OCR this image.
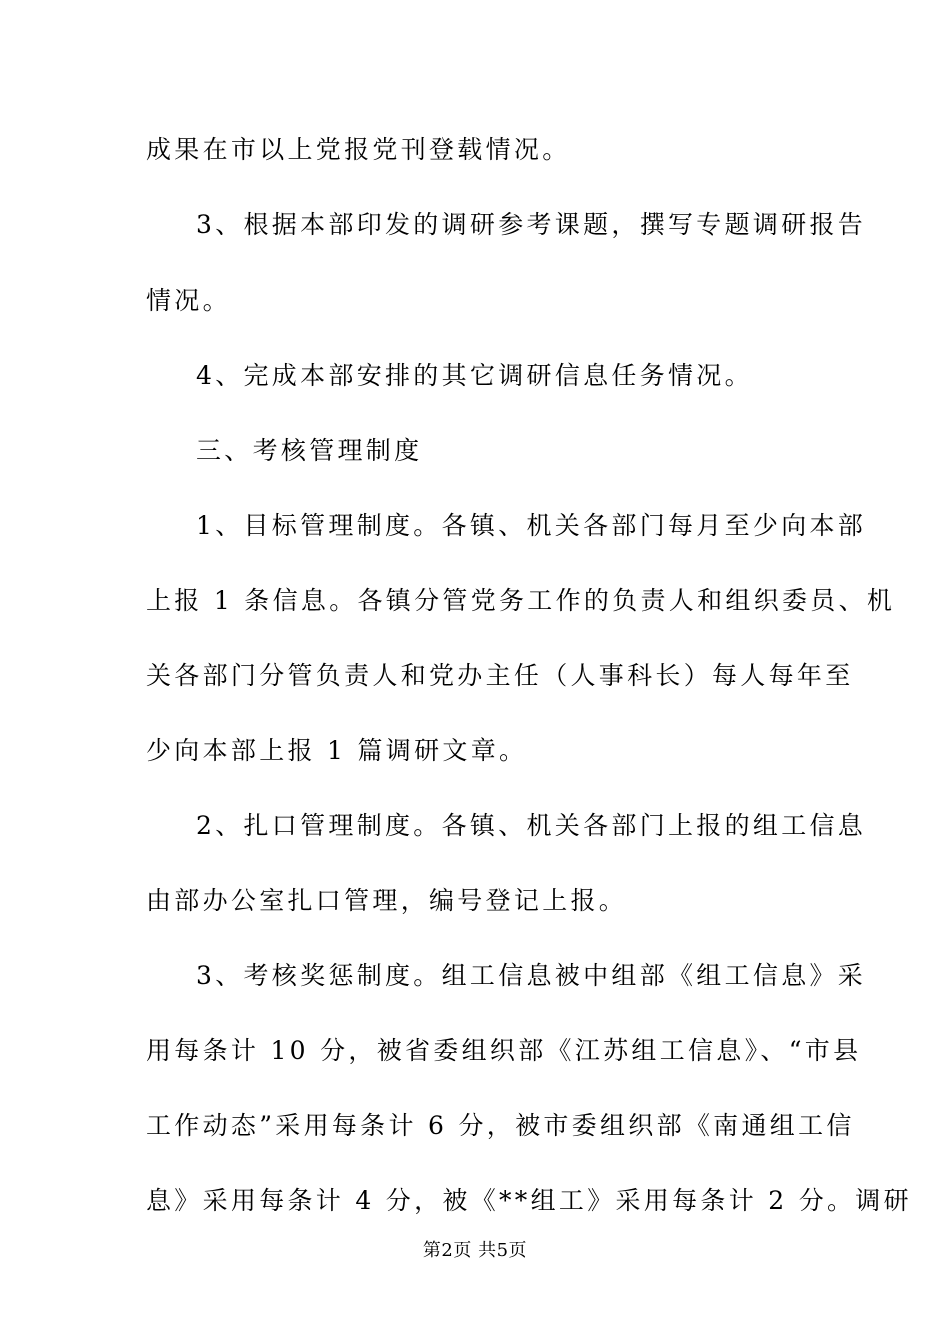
成果在市以上党报党刊登载情况。
3、根据本部印发的调研参考课题，撰写专题调研报告
情况。
4、完成本部安排的其它调研信息任务情况。
三、考核管理制度
1、目标管理制度。各镇、机关各部门每月至少向本部
上报 1 条信息。各镇分管党务工作的负责人和组织委员、机
关各部门分管负责人和党办主任（人事科长）每人每年至
少向本部上报 1 篇调研文章。
2、扎口管理制度。各镇、机关各部门上报的组工信息
由部办公室扎口管理，编号登记上报。
3、考核奖惩制度。组工信息被中组部《组工信息》采
用每条计 10 分，被省委组织部《江苏组工信息》、“市县
工作动态”采用每条计 6 分，被市委组织部《南通组工信
息》采用每条计 4 分，被《**组工》采用每条计 2 分。调研
第2页 共5页
